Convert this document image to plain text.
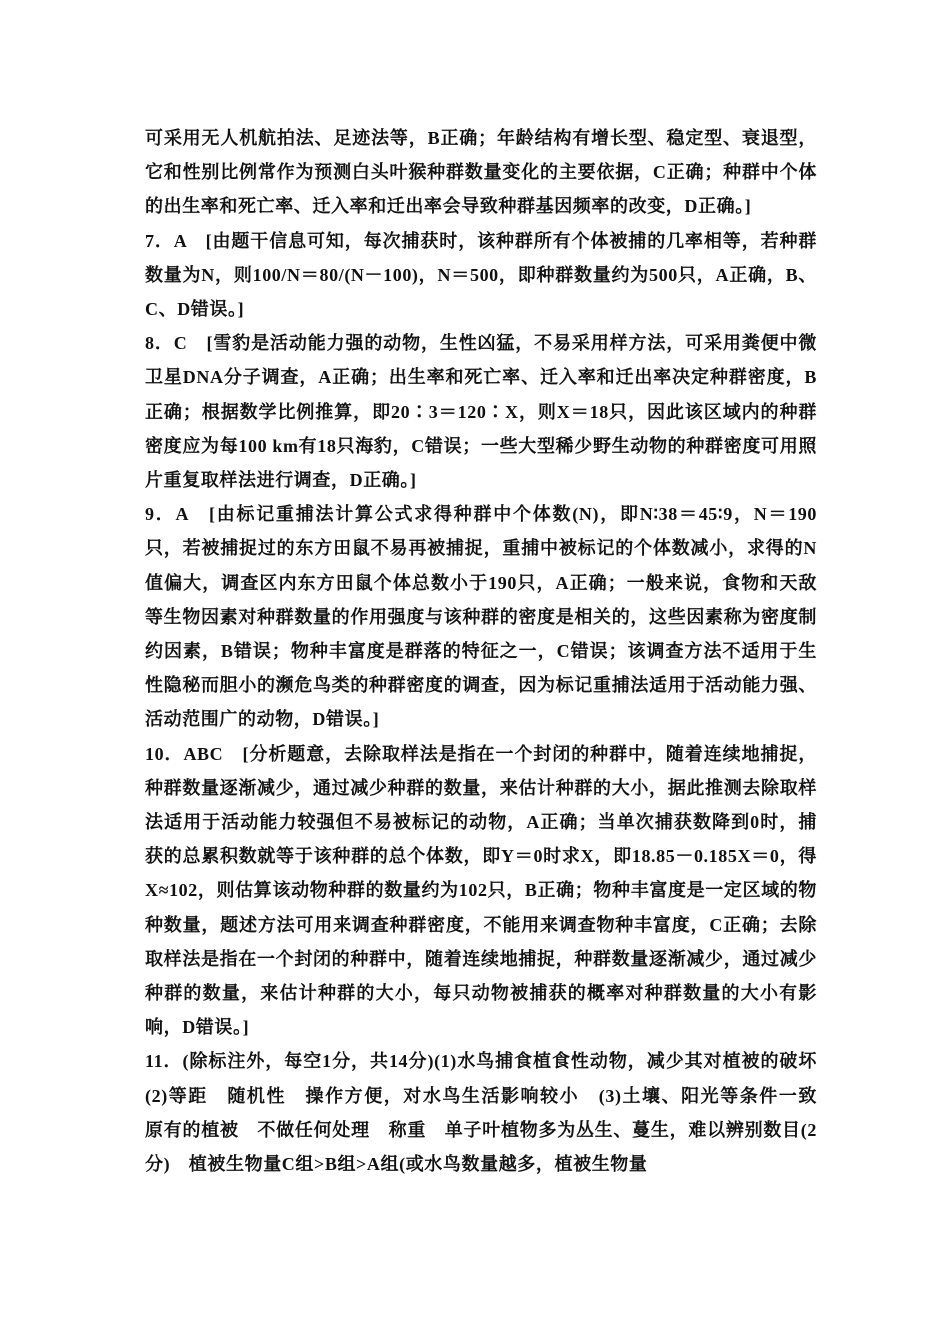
可采用无人机航拍法、足迹法等，B正确；年龄结构有增长型、稳定型、衰退型，它和性别比例常作为预测白头叶猴种群数量变化的主要依据，C正确；种群中个体的出生率和死亡率、迁入率和迁出率会导致种群基因频率的改变，D正确。]

7．A　[由题干信息可知，每次捕获时，该种群所有个体被捕的几率相等，若种群数量为N，则100/N＝80/(N－100)，N＝500，即种群数量约为500只，A正确，B、C、D错误。]

8．C　[雪豹是活动能力强的动物，生性凶猛，不易采用样方法，可采用粪便中微卫星DNA分子调查，A正确；出生率和死亡率、迁入率和迁出率决定种群密度，B正确；根据数学比例推算，即20∶3＝120∶X，则X＝18只，因此该区域内的种群密度应为每100 km有18只海豹，C错误；一些大型稀少野生动物的种群密度可用照片重复取样法进行调查，D正确。]

9．A　[由标记重捕法计算公式求得种群中个体数(N)，即N∶38＝45∶9，N＝190只，若被捕捉过的东方田鼠不易再被捕捉，重捕中被标记的个体数减小，求得的N值偏大，调查区内东方田鼠个体总数小于190只，A正确；一般来说，食物和天敌等生物因素对种群数量的作用强度与该种群的密度是相关的，这些因素称为密度制约因素，B错误；物种丰富度是群落的特征之一，C错误；该调查方法不适用于生性隐秘而胆小的濒危鸟类的种群密度的调查，因为标记重捕法适用于活动能力强、活动范围广的动物，D错误。]

10．ABC　[分析题意，去除取样法是指在一个封闭的种群中，随着连续地捕捉，种群数量逐渐减少，通过减少种群的数量，来估计种群的大小，据此推测去除取样法适用于活动能力较强但不易被标记的动物，A正确；当单次捕获数降到0时，捕获的总累积数就等于该种群的总个体数，即Y＝0时求X，即18.85－0.185X＝0，得X≈102，则估算该动物种群的数量约为102只，B正确；物种丰富度是一定区域的物种数量，题述方法可用来调查种群密度，不能用来调查物种丰富度，C正确；去除取样法是指在一个封闭的种群中，随着连续地捕捉，种群数量逐渐减少，通过减少种群的数量，来估计种群的大小，每只动物被捕获的概率对种群数量的大小有影响，D错误。]

11．(除标注外，每空1分，共14分)(1)水鸟捕食植食性动物，减少其对植被的破坏　(2)等距　随机性　操作方便，对水鸟生活影响较小　(3)土壤、阳光等条件一致　原有的植被　不做任何处理　称重　单子叶植物多为丛生、蔓生，难以辨别数目(2分)　植被生物量C组>B组>A组(或水鸟数量越多，植被生物量
